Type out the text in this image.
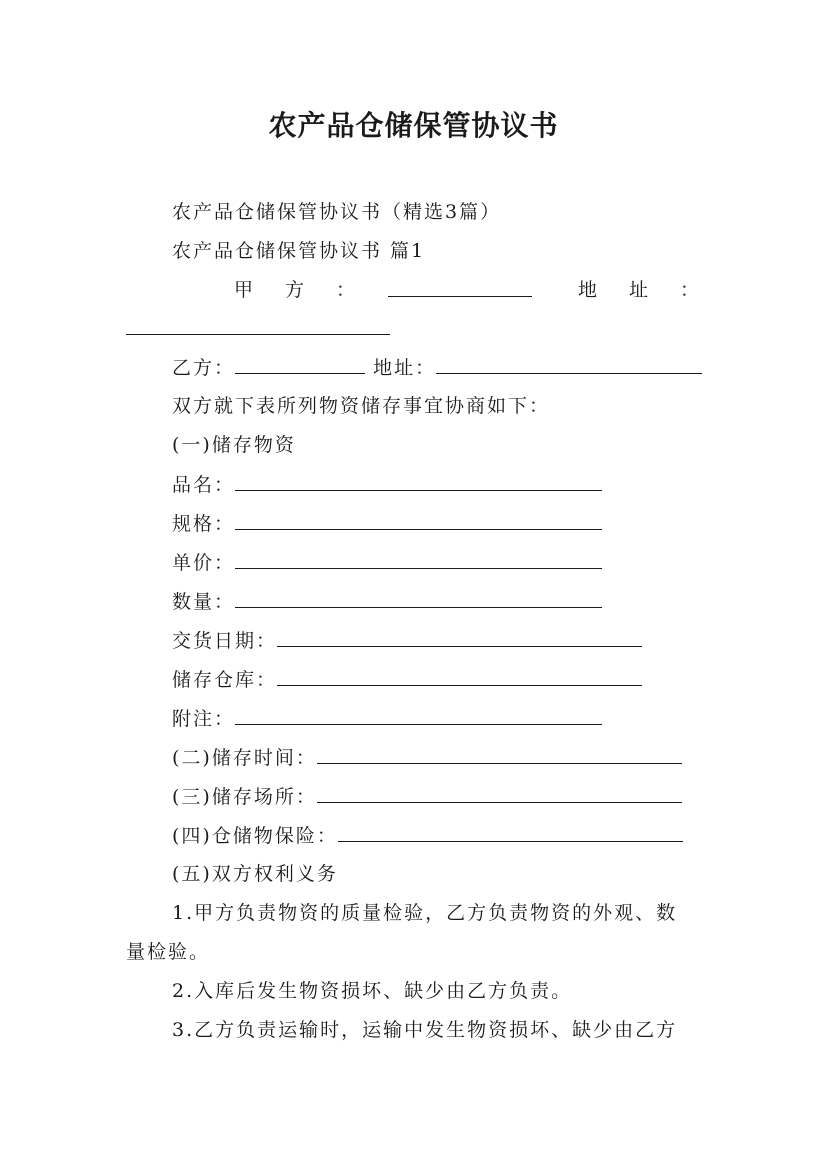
农产品仓储保管协议书
农产品仓储保管协议书（精选3篇）
农产品仓储保管协议书 篇1
甲 方 ：	地 址 ：
乙方：	地址：
双方就下表所列物资储存事宜协商如下：
(一)储存物资
品名：
规格：
单价：
数量：
交货日期：
储存仓库：
附注：
(二)储存时间：
(三)储存场所：
(四)仓储物保险：
(五)双方权利义务
1.甲方负责物资的质量检验，乙方负责物资的外观、数
量检验。
2.入库后发生物资损坏、缺少由乙方负责。
3.乙方负责运输时，运输中发生物资损坏、缺少由乙方
